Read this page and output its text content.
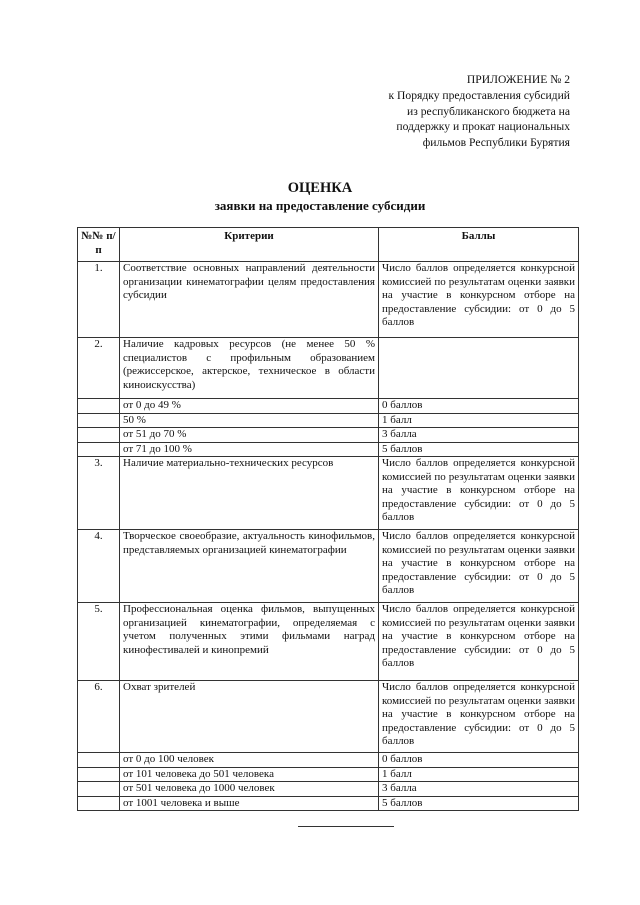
ПРИЛОЖЕНИЕ № 2
к Порядку предоставления субсидий
из республиканского бюджета на
поддержку и прокат национальных
фильмов Республики Бурятия
ОЦЕНКА
заявки на предоставление субсидии
№№ п/п	Критерии	Баллы
1.	Соответствие основных направлений деятельности организации кинематографии целям предоставления субсидии	Число баллов определяется конкурсной комиссией по результатам оценки заявки на участие в конкурсном отборе на предоставление субсидии: от 0 до 5 баллов
2.	Наличие кадровых ресурсов (не менее 50 % специалистов с профильным образованием (режиссерское, актерское, техническое в области киноискусства)	
	от 0 до 49 %	0 баллов
	50 %	1 балл
	от 51 до 70 %	3 балла
	от 71 до 100 %	5 баллов
3.	Наличие материально-технических ресурсов	Число баллов определяется конкурсной комиссией по результатам оценки заявки на участие в конкурсном отборе на предоставление субсидии: от 0 до 5 баллов
4.	Творческое своеобразие, актуальность кинофильмов, представляемых организацией кинематографии	Число баллов определяется конкурсной комиссией по результатам оценки заявки на участие в конкурсном отборе на предоставление субсидии: от 0 до 5 баллов
5.	Профессиональная оценка фильмов, выпущенных организацией кинематографии, определяемая с учетом полученных этими фильмами наград кинофестивалей и кинопремий	Число баллов определяется конкурсной комиссией по результатам оценки заявки на участие в конкурсном отборе на предоставление субсидии: от 0 до 5 баллов
6.	Охват зрителей	Число баллов определяется конкурсной комиссией по результатам оценки заявки на участие в конкурсном отборе на предоставление субсидии: от 0 до 5 баллов
	от 0 до 100 человек	0 баллов
	от 101 человека до 501 человека	1 балл
	от 501 человека до 1000 человек	3 балла
	от 1001 человека и выше	5 баллов
